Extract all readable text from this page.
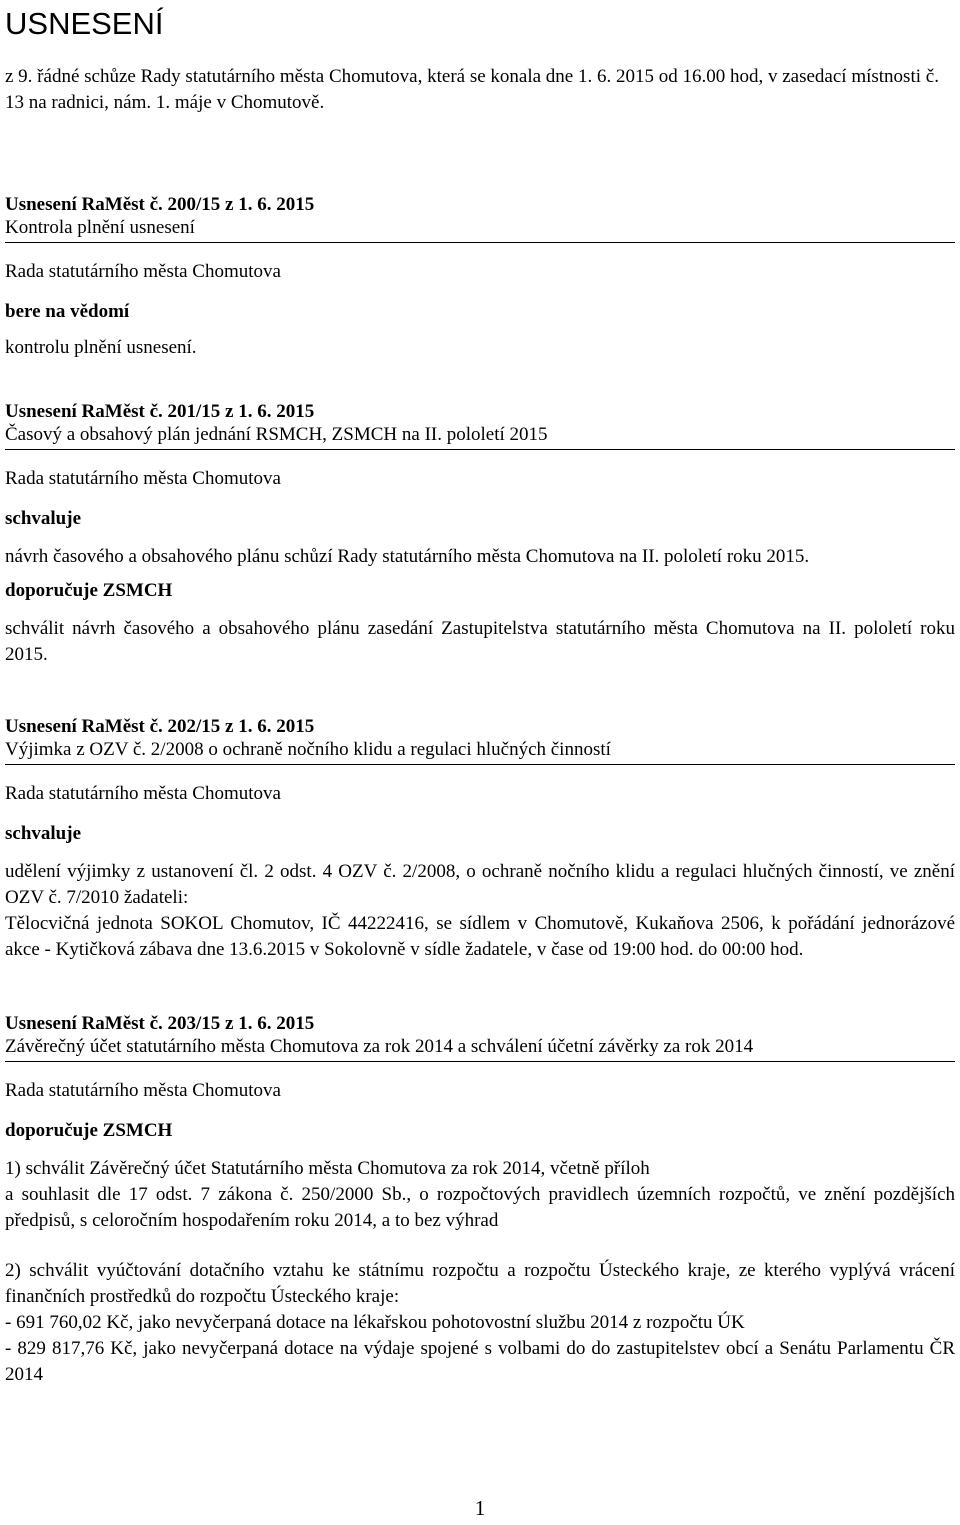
USNESENÍ
z 9. řádné schůze Rady statutárního města Chomutova, která se konala dne 1. 6. 2015 od 16.00 hod, v zasedací místnosti č. 13 na radnici, nám. 1. máje v Chomutově.
Usnesení RaMěst č. 200/15 z 1. 6. 2015
Kontrola plnění usnesení
Rada statutárního města Chomutova
bere na vědomí
kontrolu plnění usnesení.
Usnesení RaMěst č. 201/15 z 1. 6. 2015
Časový a obsahový plán jednání RSMCH, ZSMCH na II. pololetí 2015
Rada statutárního města Chomutova
schvaluje
návrh časového a obsahového plánu schůzí Rady statutárního města Chomutova na II. pololetí roku 2015.
doporučuje ZSMCH
schválit návrh časového a obsahového plánu zasedání Zastupitelstva statutárního města Chomutova na II. pololetí roku 2015.
Usnesení RaMěst č. 202/15 z 1. 6. 2015
Výjimka z OZV č. 2/2008 o ochraně nočního klidu a regulaci hlučných činností
Rada statutárního města Chomutova
schvaluje
udělení výjimky z ustanovení čl. 2 odst. 4 OZV č. 2/2008, o ochraně nočního klidu a regulaci hlučných činností, ve znění OZV č. 7/2010 žadateli:
Tělocvičná jednota SOKOL Chomutov, IČ 44222416, se sídlem v Chomutově, Kukaňova 2506, k pořádání jednorázové akce - Kytičková zábava dne 13.6.2015 v Sokolovně v sídle žadatele, v čase od 19:00 hod. do 00:00 hod.
Usnesení RaMěst č. 203/15 z 1. 6. 2015
Závěrečný účet statutárního města Chomutova za rok 2014 a schválení účetní závěrky za rok 2014
Rada statutárního města Chomutova
doporučuje ZSMCH
1) schválit Závěrečný účet Statutárního města Chomutova za rok 2014, včetně příloh
a souhlasit dle 17 odst. 7 zákona č. 250/2000 Sb., o rozpočtových pravidlech územních rozpočtů, ve znění pozdějších předpisů, s celoročním hospodařením roku 2014, a to bez výhrad
2) schválit vyúčtování dotačního vztahu ke státnímu rozpočtu a rozpočtu Ústeckého kraje, ze kterého vyplývá vrácení finančních prostředků do rozpočtu Ústeckého kraje:
- 691 760,02 Kč, jako nevyčerpaná dotace na lékařskou pohotovostní službu 2014 z rozpočtu ÚK
- 829 817,76 Kč, jako nevyčerpaná dotace na výdaje spojené s volbami do do zastupitelstev obcí a Senátu Parlamentu ČR 2014
1
